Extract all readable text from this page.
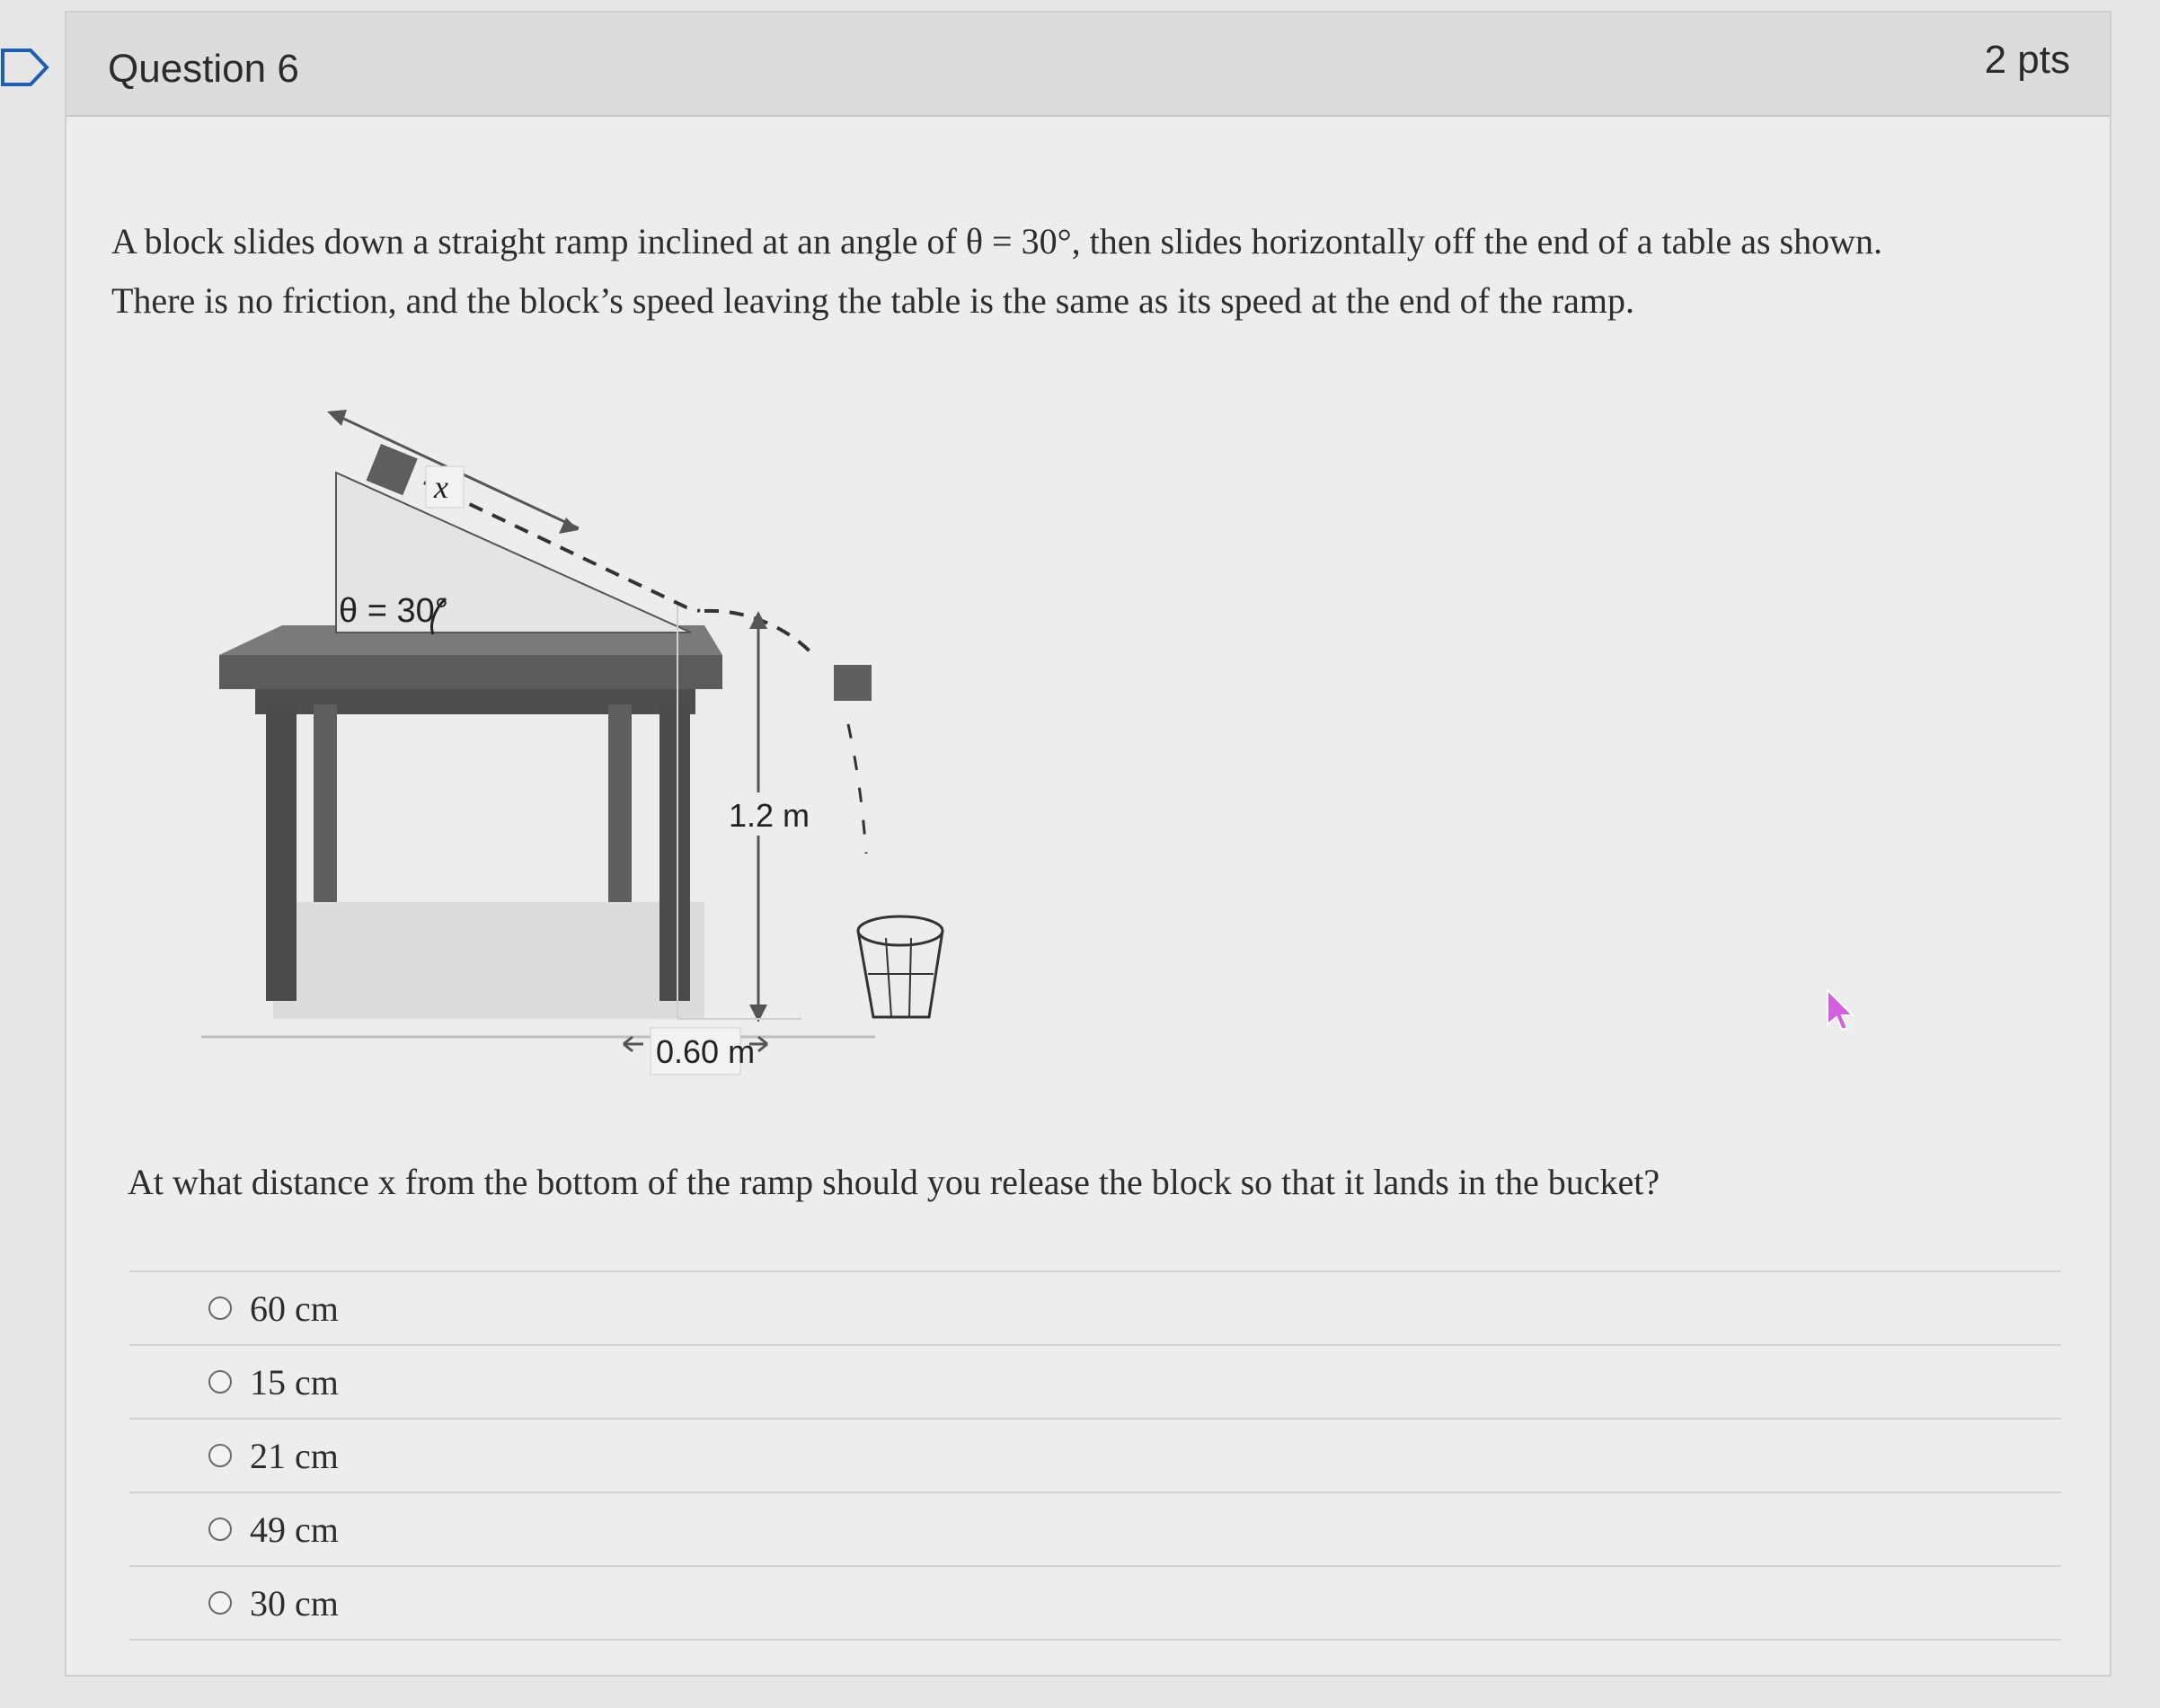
Question 6	2 pts

A block slides down a straight ramp inclined at an angle of θ = 30°, then slides horizontally off the end of a table as shown.

There is no friction, and the block’s speed leaving the table is the same as its speed at the end of the ramp.

x
θ = 30°
1.2 m
0.60 m
At what distance x from the bottom of the ramp should you release the block so that it lands in the bucket?
60 cm
15 cm
21 cm
49 cm
30 cm
